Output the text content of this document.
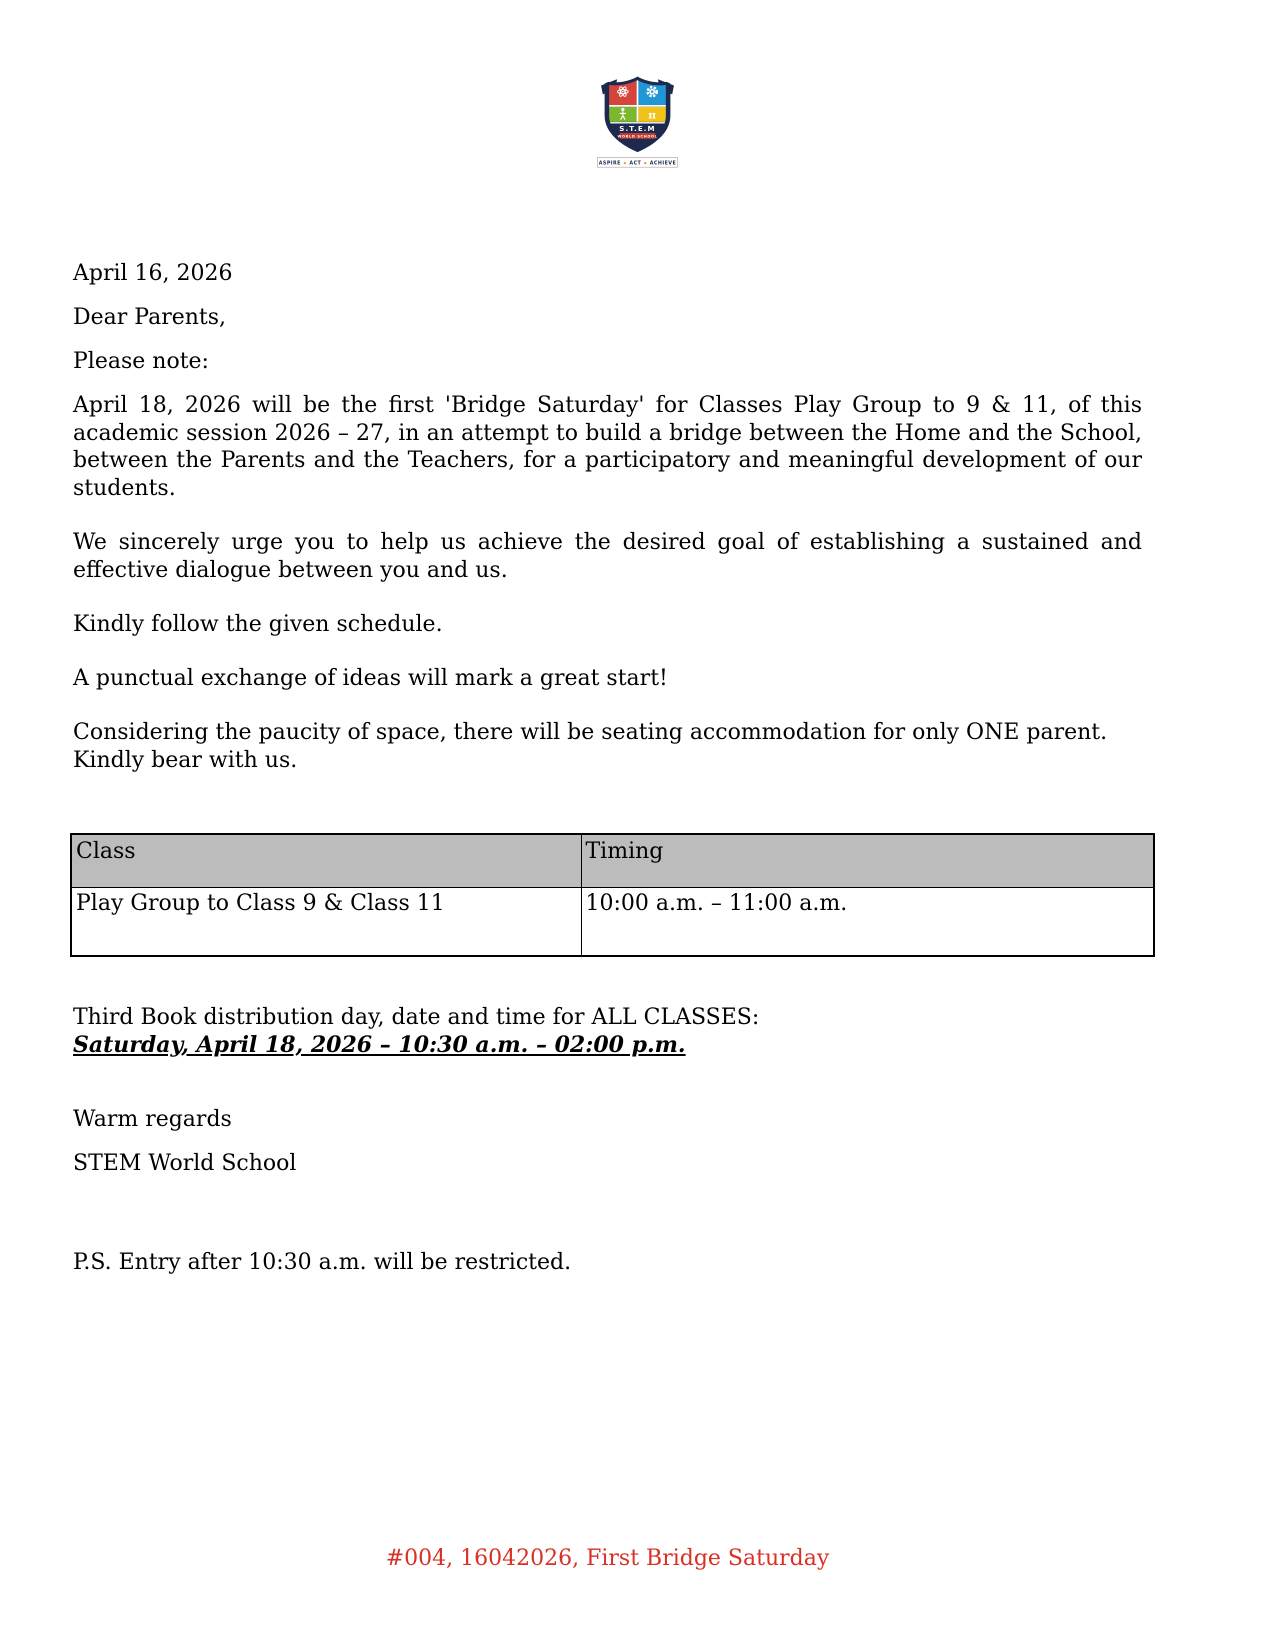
π
S.T.E.M
WORLD SCHOOL
ASPIRE ◆ ACT ◆ ACHIEVE
April 16, 2026
Dear Parents,
Please note:
April 18, 2026 will be the first 'Bridge Saturday' for Classes Play Group to 9 & 11, of this academic session 2026 – 27, in an attempt to build a bridge between the Home and the School, between the Parents and the Teachers, for a participatory and meaningful development of our students.
We sincerely urge you to help us achieve the desired goal of establishing a sustained and effective dialogue between you and us.
Kindly follow the given schedule.
A punctual exchange of ideas will mark a great start!
Considering the paucity of space, there will be seating accommodation for only ONE parent.
Kindly bear with us.
Class	Timing
Play Group to Class 9 & Class 11	10:00 a.m. – 11:00 a.m.
Third Book distribution day, date and time for ALL CLASSES:
Saturday, April 18, 2026 – 10:30 a.m. – 02:00 p.m.
Warm regards
STEM World School
P.S. Entry after 10:30 a.m. will be restricted.
#004, 16042026, First Bridge Saturday
